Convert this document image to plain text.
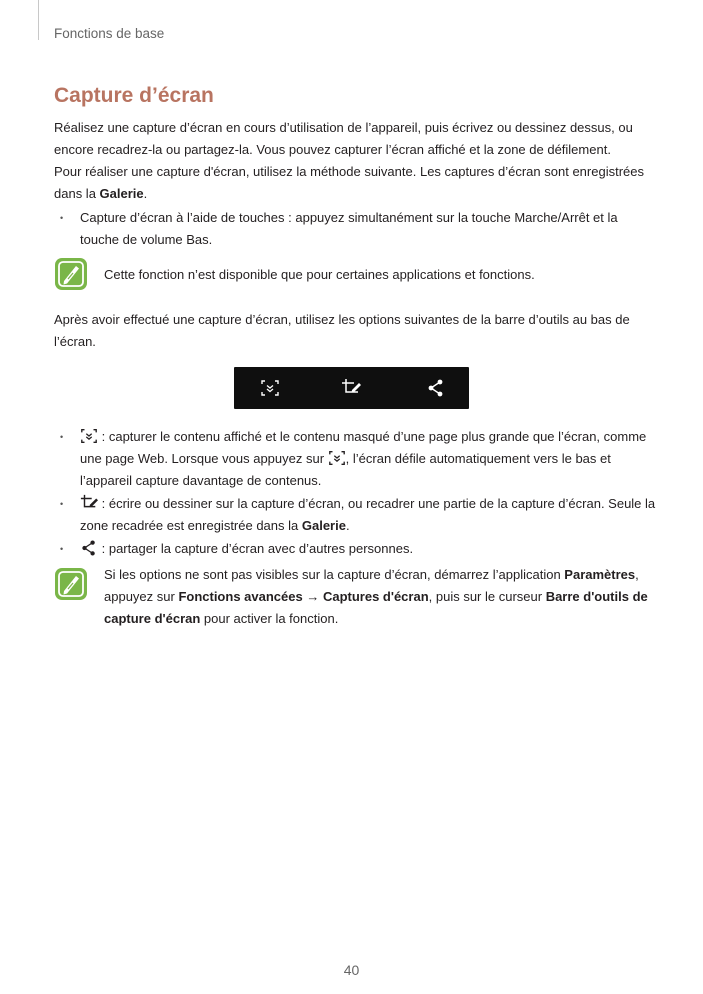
Fonctions de base
Capture d’écran

Réalisez une capture d’écran en cours d’utilisation de l’appareil, puis écrivez ou dessinez dessus, ou encore recadrez-la ou partagez-la. Vous pouvez capturer l’écran affiché et la zone de défilement.

Pour réaliser une capture d'écran, utilisez la méthode suivante. Les captures d’écran sont enregistrées dans la Galerie.

• Capture d’écran à l’aide de touches : appuyez simultanément sur la touche Marche/Arrêt et la touche de volume Bas.

Cette fonction n’est disponible que pour certaines applications et fonctions.

Après avoir effectué une capture d’écran, utilisez les options suivantes de la barre d’outils au bas de l’écran.

• : capturer le contenu affiché et le contenu masqué d’une page plus grande que l’écran, comme une page Web. Lorsque vous appuyez sur , l’écran défile automatiquement vers le bas et l’appareil capture davantage de contenus.

• : écrire ou dessiner sur la capture d’écran, ou recadrer une partie de la capture d’écran. Seule la zone recadrée est enregistrée dans la Galerie.

• : partager la capture d’écran avec d’autres personnes.

Si les options ne sont pas visibles sur la capture d’écran, démarrez l’application Paramètres, appuyez sur Fonctions avancées → Captures d'écran, puis sur le curseur Barre d'outils de capture d'écran pour activer la fonction.

40
